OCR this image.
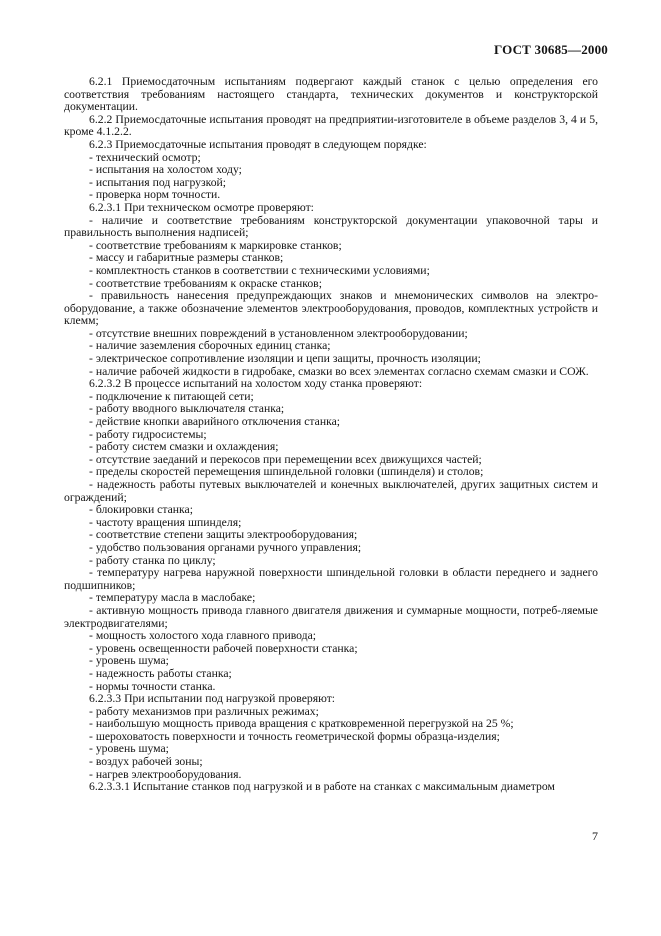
ГОСТ 30685—2000

6.2.1 Приемосдаточным испытаниям подвергают каждый станок с целью определения его соответствия требованиям настоящего стандарта, технических документов и конструкторской документации.

6.2.2 Приемосдаточные испытания проводят на предприятии-изготовителе в объеме разделов 3, 4 и 5, кроме 4.1.2.2.

6.2.3 Приемосдаточные испытания проводят в следующем порядке:

- технический осмотр;

- испытания на холостом ходу;

- испытания под нагрузкой;

- проверка норм точности.

6.2.3.1 При техническом осмотре проверяют:

- наличие и соответствие требованиям конструкторской документации упаковочной тары и правильность выполнения надписей;

- соответствие требованиям к маркировке станков;

- массу и габаритные размеры станков;

- комплектность станков в соответствии с техническими условиями;

- соответствие требованиям к окраске станков;

- правильность нанесения предупреждающих знаков и мнемонических символов на электро-оборудование, а также обозначение элементов электрооборудования, проводов, комплектных устройств и клемм;

- отсутствие внешних повреждений в установленном электрооборудовании;

- наличие заземления сборочных единиц станка;

- электрическое сопротивление изоляции и цепи защиты, прочность изоляции;

- наличие рабочей жидкости в гидробаке, смазки во всех элементах согласно схемам смазки и СОЖ.

6.2.3.2 В процессе испытаний на холостом ходу станка проверяют:

- подключение к питающей сети;

- работу вводного выключателя станка;

- действие кнопки аварийного отключения станка;

- работу гидросистемы;

- работу систем смазки и охлаждения;

- отсутствие заеданий и перекосов при перемещении всех движущихся частей;

- пределы скоростей перемещения шпиндельной головки (шпинделя) и столов;

- надежность работы путевых выключателей и конечных выключателей, других защитных систем и ограждений;

- блокировки станка;

- частоту вращения шпинделя;

- соответствие степени защиты электрооборудования;

- удобство пользования органами ручного управления;

- работу станка по циклу;

- температуру нагрева наружной поверхности шпиндельной головки в области переднего и заднего подшипников;

- температуру масла в маслобаке;

- активную мощность привода главного двигателя движения и суммарные мощности, потреб-ляемые электродвигателями;

- мощность холостого хода главного привода;

- уровень освещенности рабочей поверхности станка;

- уровень шума;

- надежность работы станка;

- нормы точности станка.

6.2.3.3 При испытании под нагрузкой проверяют:

- работу механизмов при различных режимах;

- наибольшую мощность привода вращения с кратковременной перегрузкой на 25 %;

- шероховатость поверхности и точность геометрической формы образца-изделия;

- уровень шума;

- воздух рабочей зоны;

- нагрев электрооборудования.

6.2.3.3.1 Испытание станков под нагрузкой и в работе на станках с максимальным диаметром

7
